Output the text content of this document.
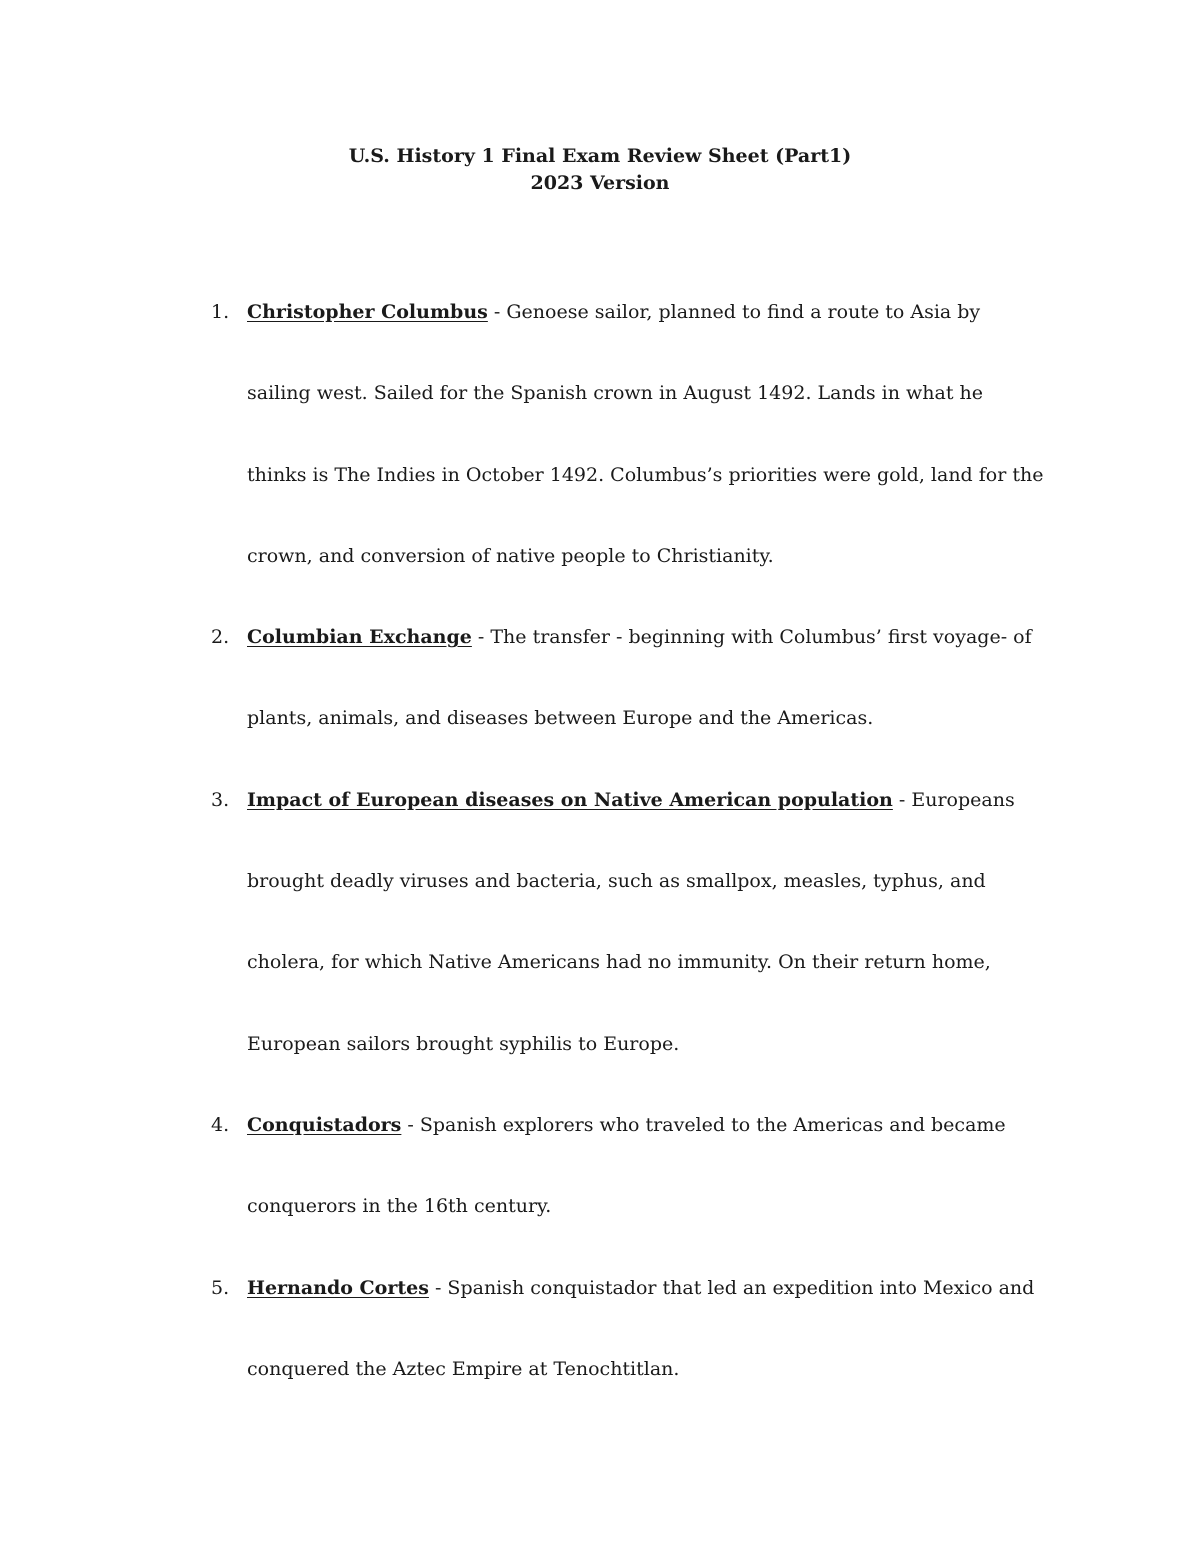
U.S. History 1 Final Exam Review Sheet (Part1)
2023 Version
1. Christopher Columbus - Genoese sailor, planned to find a route to Asia by sailing west. Sailed for the Spanish crown in August 1492. Lands in what he thinks is The Indies in October 1492. Columbus’s priorities were gold, land for the crown, and conversion of native people to Christianity.
2. Columbian Exchange - The transfer - beginning with Columbus’ first voyage- of plants, animals, and diseases between Europe and the Americas.
3. Impact of European diseases on Native American population - Europeans brought deadly viruses and bacteria, such as smallpox, measles, typhus, and cholera, for which Native Americans had no immunity. On their return home, European sailors brought syphilis to Europe.
4. Conquistadors - Spanish explorers who traveled to the Americas and became conquerors in the 16th century.
5. Hernando Cortes - Spanish conquistador that led an expedition into Mexico and conquered the Aztec Empire at Tenochtitlan.
